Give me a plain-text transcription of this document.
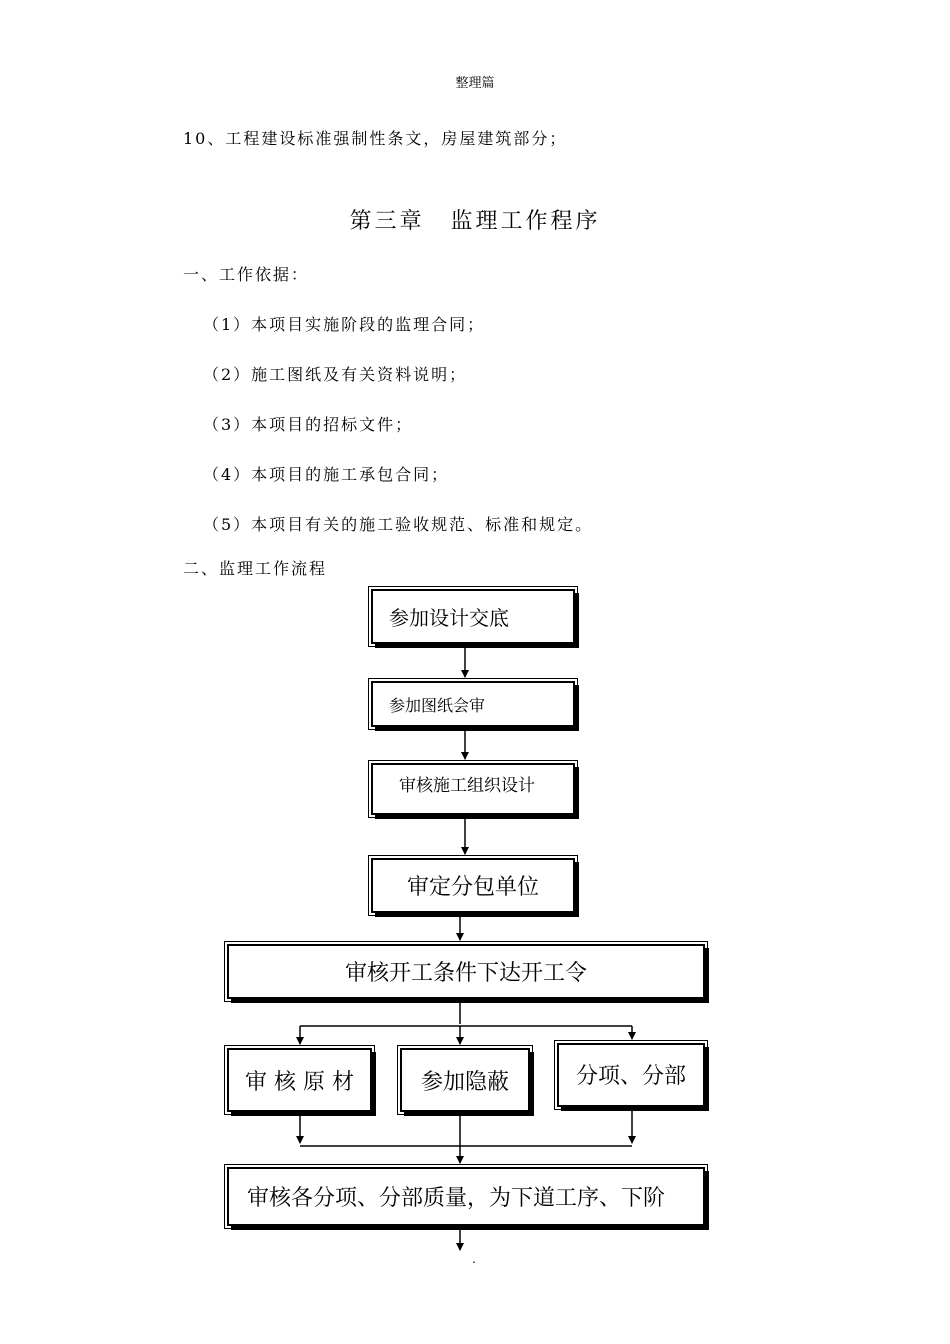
整理篇
10、工程建设标准强制性条文，房屋建筑部分；
第三章 监理工作程序
一、工作依据：
（1）本项目实施阶段的监理合同；
（2）施工图纸及有关资料说明；
（3）本项目的招标文件；
（4）本项目的施工承包合同；
（5）本项目有关的施工验收规范、标准和规定。
二、监理工作流程
参加设计交底
参加图纸会审
审核施工组织设计
审定分包单位
审核开工条件下达开工令
审 核 原 材	参加隐蔽	分项、分部
审核各分项、分部质量，为下道工序、下阶
.
